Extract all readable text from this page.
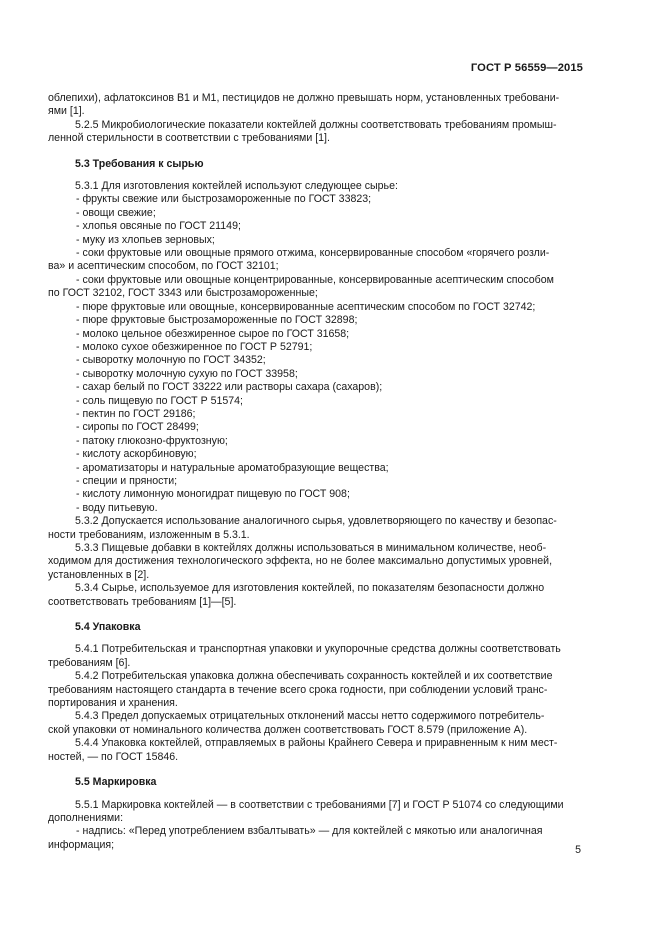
ГОСТ Р 56559—2015

облепихи), афлатоксинов В1 и М1, пестицидов не должно превышать норм, установленных требовани-

ями [1].

5.2.5 Микробиологические показатели коктейлей должны соответствовать требованиям промыш-

ленной стерильности в соответствии с требованиями [1].

5.3 Требования к сырью

5.3.1 Для изготовления коктейлей используют следующее сырье:

- фрукты свежие или быстрозамороженные по ГОСТ 33823;

- овощи свежие;

- хлопья овсяные по ГОСТ 21149;

- муку из хлопьев зерновых;

- соки фруктовые или овощные прямого отжима, консервированные способом «горячего розли-

ва» и асептическим способом, по ГОСТ 32101;

- соки фруктовые или овощные концентрированные, консервированные асептическим способом

по ГОСТ 32102, ГОСТ 3343 или быстрозамороженные;

- пюре фруктовые или овощные, консервированные асептическим способом по ГОСТ 32742;

- пюре фруктовые быстрозамороженные по ГОСТ 32898;

- молоко цельное обезжиренное сырое по ГОСТ 31658;

- молоко сухое обезжиренное по ГОСТ Р 52791;

- сыворотку молочную по ГОСТ 34352;

- сыворотку молочную сухую по ГОСТ 33958;

- сахар белый по ГОСТ 33222 или растворы сахара (сахаров);

- соль пищевую по ГОСТ Р 51574;

- пектин по ГОСТ 29186;

- сиропы по ГОСТ 28499;

- патоку глюкозно-фруктозную;

- кислоту аскорбиновую;

- ароматизаторы и натуральные ароматобразующие вещества;

- специи и пряности;

- кислоту лимонную моногидрат пищевую по ГОСТ 908;

- воду питьевую.

5.3.2 Допускается использование аналогичного сырья, удовлетворяющего по качеству и безопас-

ности требованиям, изложенным в 5.3.1.

5.3.3 Пищевые добавки в коктейлях должны использоваться в минимальном количестве, необ-

ходимом для достижения технологического эффекта, но не более максимально допустимых уровней,

установленных в [2].

5.3.4 Сырье, используемое для изготовления коктейлей, по показателям безопасности должно

соответствовать требованиям [1]—[5].

5.4 Упаковка

5.4.1 Потребительская и транспортная упаковки и укупорочные средства должны соответствовать

требованиям [6].

5.4.2 Потребительская упаковка должна обеспечивать сохранность коктейлей и их соответствие

требованиям настоящего стандарта в течение всего срока годности, при соблюдении условий транс-

портирования и хранения.

5.4.3 Предел допускаемых отрицательных отклонений массы нетто содержимого потребитель-

ской упаковки от номинального количества должен соответствовать ГОСТ 8.579 (приложение А).

5.4.4 Упаковка коктейлей, отправляемых в районы Крайнего Севера и приравненным к ним мест-

ностей, — по ГОСТ 15846.

5.5 Маркировка

5.5.1 Маркировка коктейлей — в соответствии с требованиями [7] и ГОСТ Р 51074 со следующими

дополнениями:

- надпись: «Перед употреблением взбалтывать» — для коктейлей с мякотью или аналогичная

информация;	5
